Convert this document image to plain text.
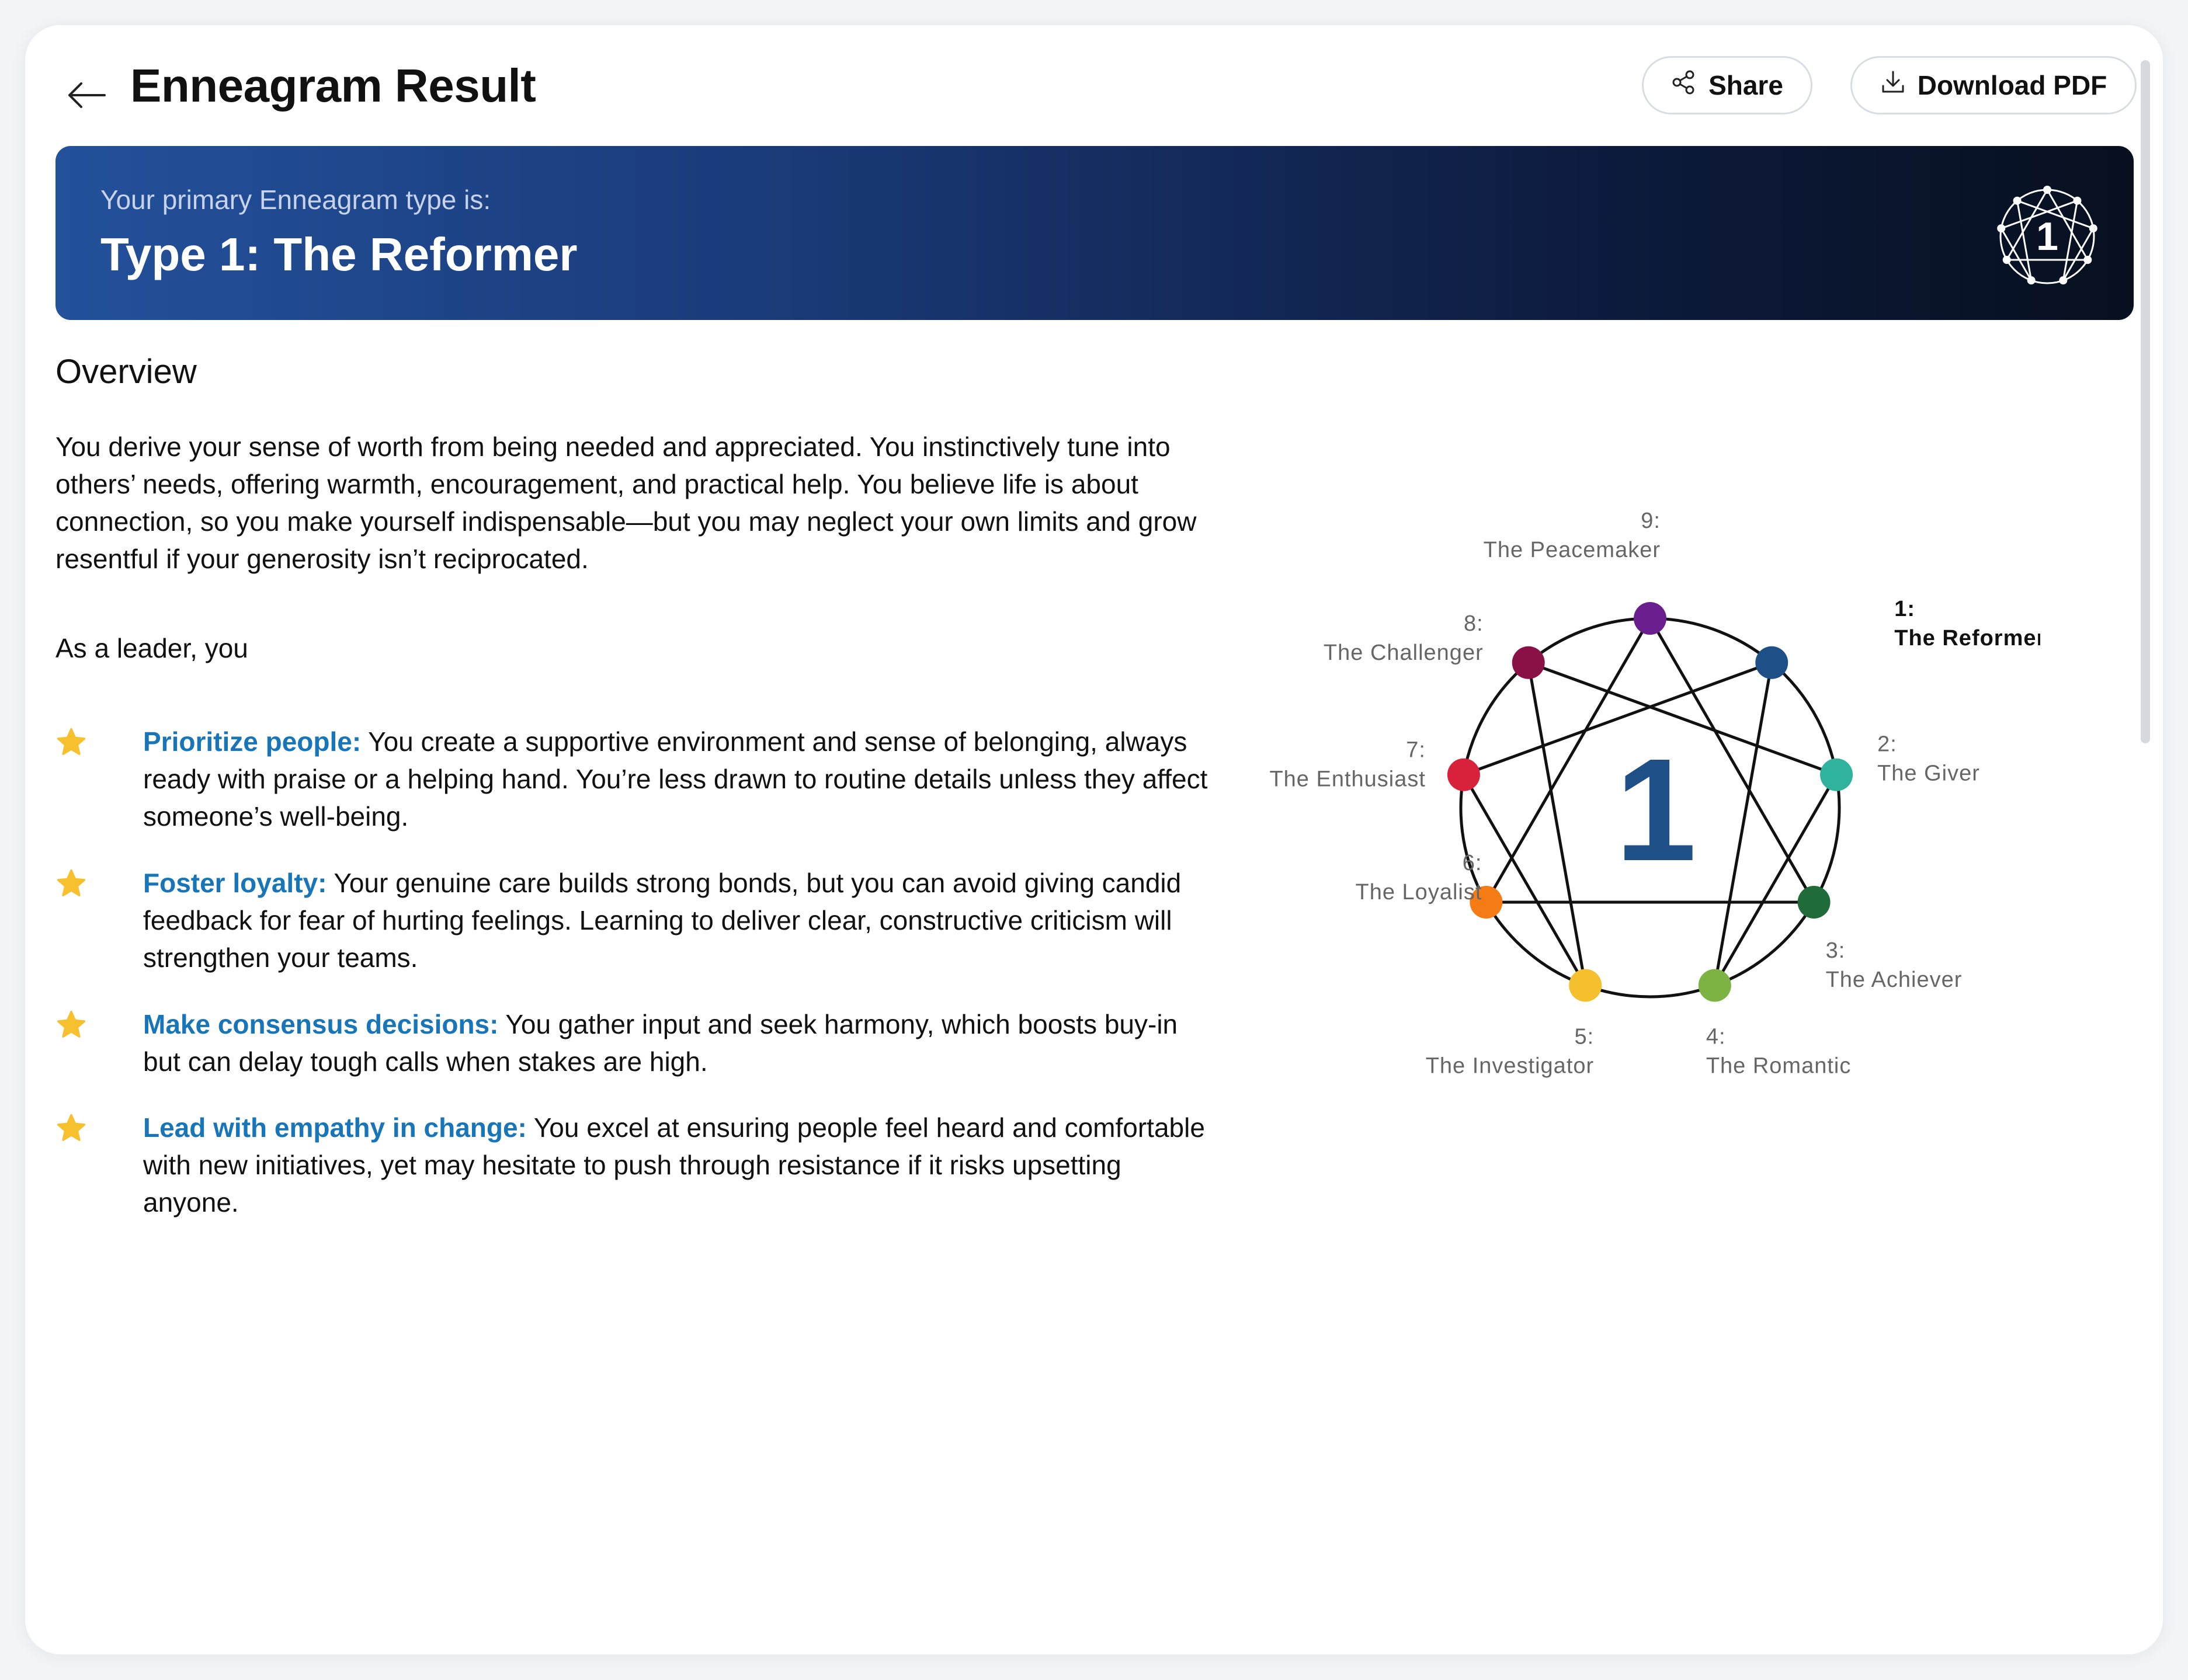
Enneagram Result	Share	Download PDF
Your primary Enneagram type is:
Type 1: The Reformer	1
Overview
You derive your sense of worth from being needed and appreciated. You instinctively tune into others’ needs, offering warmth, encouragement, and practical help. You believe life is about connection, so you make yourself indispensable—but you may neglect your own limits and grow resentful if your generosity isn’t reciprocated.
As a leader, you
Prioritize people: You create a supportive environment and sense of belonging, always ready with praise or a helping hand. You’re less drawn to routine details unless they affect someone’s well-being.
Foster loyalty: Your genuine care builds strong bonds, but you can avoid giving candid feedback for fear of hurting feelings. Learning to deliver clear, constructive criticism will strengthen your teams.
Make consensus decisions: You gather input and seek harmony, which boosts buy-in but can delay tough calls when stakes are high.
Lead with empathy in change: You excel at ensuring people feel heard and comfortable with new initiatives, yet may hesitate to push through resistance if it risks upsetting anyone.
1
1:
The Reformer
2:
The Giver
3:
The Achiever
4:
The Romantic
5:
The Investigator
6:
The Loyalist
7:
The Enthusiast
8:
The Challenger
9:
The Peacemaker
